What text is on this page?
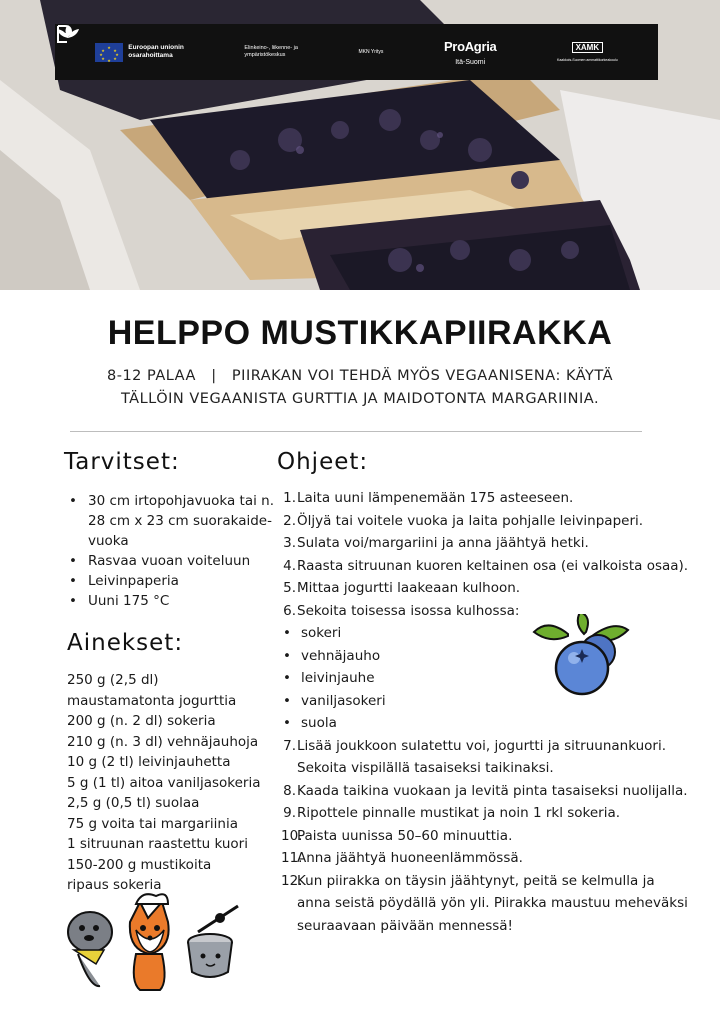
★
★ ★
★	★
★ ★
★
Euroopan unionin
osarahoittama
Elinkeino-, liikenne- ja
ympäristökeskus	MKN Yritys	ProAgria
Itä-Suomi
XAMK
Kaakkois-Suomen ammattikorkeakoulu
HELPPO MUSTIKKAPIIRAKKA
8-12 PALAA   |   PIIRAKAN VOI TEHDÄ MYÖS VEGAANISENA: KÄYTÄ
TÄLLÖIN VEGAANISTA GURTTIA JA MAIDOTONTA MARGARIINIA.
Tarvitset:
• 30 cm irtopohjavuoka tai n. 28 cm x 23 cm suorakaide-vuoka
• Rasvaa vuoan voiteluun
• Leivinpaperia
• Uuni 175 °C
Ainekset:
250 g (2,5 dl)
maustamatonta jogurttia
200 g (n. 2 dl) sokeria
210 g (n. 3 dl) vehnäjauhoja
10 g (2 tl) leivinjauhetta
5 g (1 tl) aitoa vaniljasokeria
2,5 g (0,5 tl) suolaa
75 g voita tai margariinia
1 sitruunan raastettu kuori
150-200 g mustikoita
ripaus sokeria
Ohjeet:
1. Laita uuni lämpenemään 175 asteeseen.
2. Öljyä tai voitele vuoka ja laita pohjalle leivinpaperi.
3. Sulata voi/margariini ja anna jäähtyä hetki.
4. Raasta sitruunan kuoren keltainen osa (ei valkoista osaa).
5. Mittaa jogurtti laakeaan kulhoon.
6. Sekoita toisessa isossa kulhossa:
• sokeri
• vehnäjauho
• leivinjauhe
• vaniljasokeri
• suola
7. Lisää joukkoon sulatettu voi, jogurtti ja sitruunankuori.
Sekoita vispilällä tasaiseksi taikinaksi.
8. Kaada taikina vuokaan ja levitä pinta tasaiseksi nuolijalla.
9. Ripottele pinnalle mustikat ja noin 1 rkl sokeria.
10.
Paista uunissa 50–60 minuuttia.
11.
Anna jäähtyä huoneenlämmössä.
12.
Kun piirakka on täysin jäähtynyt, peitä se kelmulla ja
anna seistä pöydällä yön yli. Piirakka maustuu meheväksi
seuraavaan päivään mennessä!
